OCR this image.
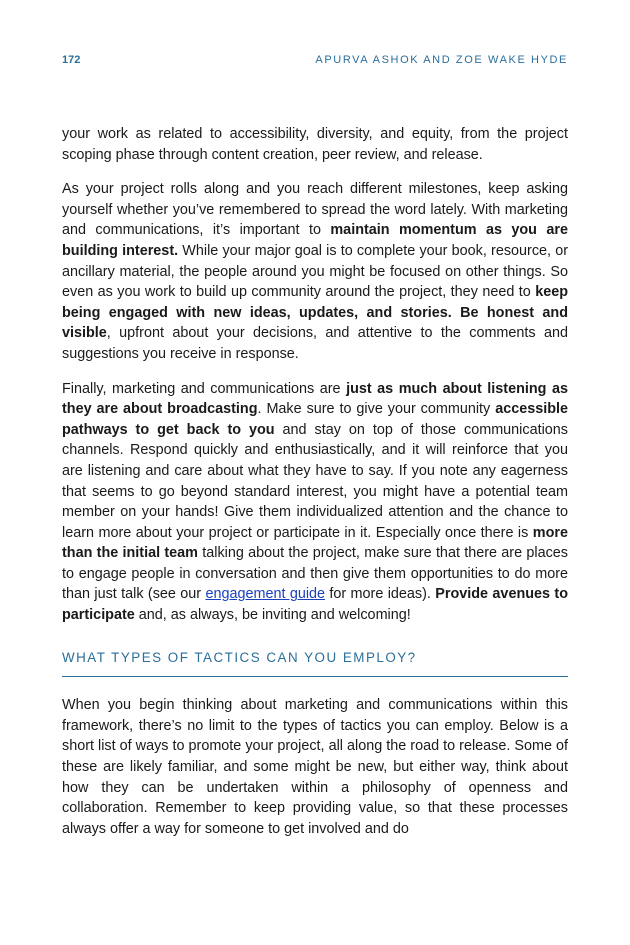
172	APURVA ASHOK AND ZOE WAKE HYDE

your work as related to accessibility, diversity, and equity, from the project scoping phase through content creation, peer review, and release.

As your project rolls along and you reach different milestones, keep asking yourself whether you’ve remembered to spread the word lately. With marketing and communications, it’s important to maintain momentum as you are building interest. While your major goal is to complete your book, resource, or ancillary material, the people around you might be focused on other things. So even as you work to build up community around the project, they need to keep being engaged with new ideas, updates, and stories. Be honest and visible, upfront about your decisions, and attentive to the comments and suggestions you receive in response.

Finally, marketing and communications are just as much about listening as they are about broadcasting. Make sure to give your community accessible pathways to get back to you and stay on top of those communications channels. Respond quickly and enthusiastically, and it will reinforce that you are listening and care about what they have to say. If you note any eagerness that seems to go beyond standard interest, you might have a potential team member on your hands! Give them individualized attention and the chance to learn more about your project or participate in it. Especially once there is more than the initial team talking about the project, make sure that there are places to engage people in conversation and then give them opportunities to do more than just talk (see our engagement guide for more ideas). Provide avenues to participate and, as always, be inviting and welcoming!

WHAT TYPES OF TACTICS CAN YOU EMPLOY?

When you begin thinking about marketing and communications within this framework, there’s no limit to the types of tactics you can employ. Below is a short list of ways to promote your project, all along the road to release. Some of these are likely familiar, and some might be new, but either way, think about how they can be undertaken within a philosophy of openness and collaboration. Remember to keep providing value, so that these processes always offer a way for someone to get involved and do
